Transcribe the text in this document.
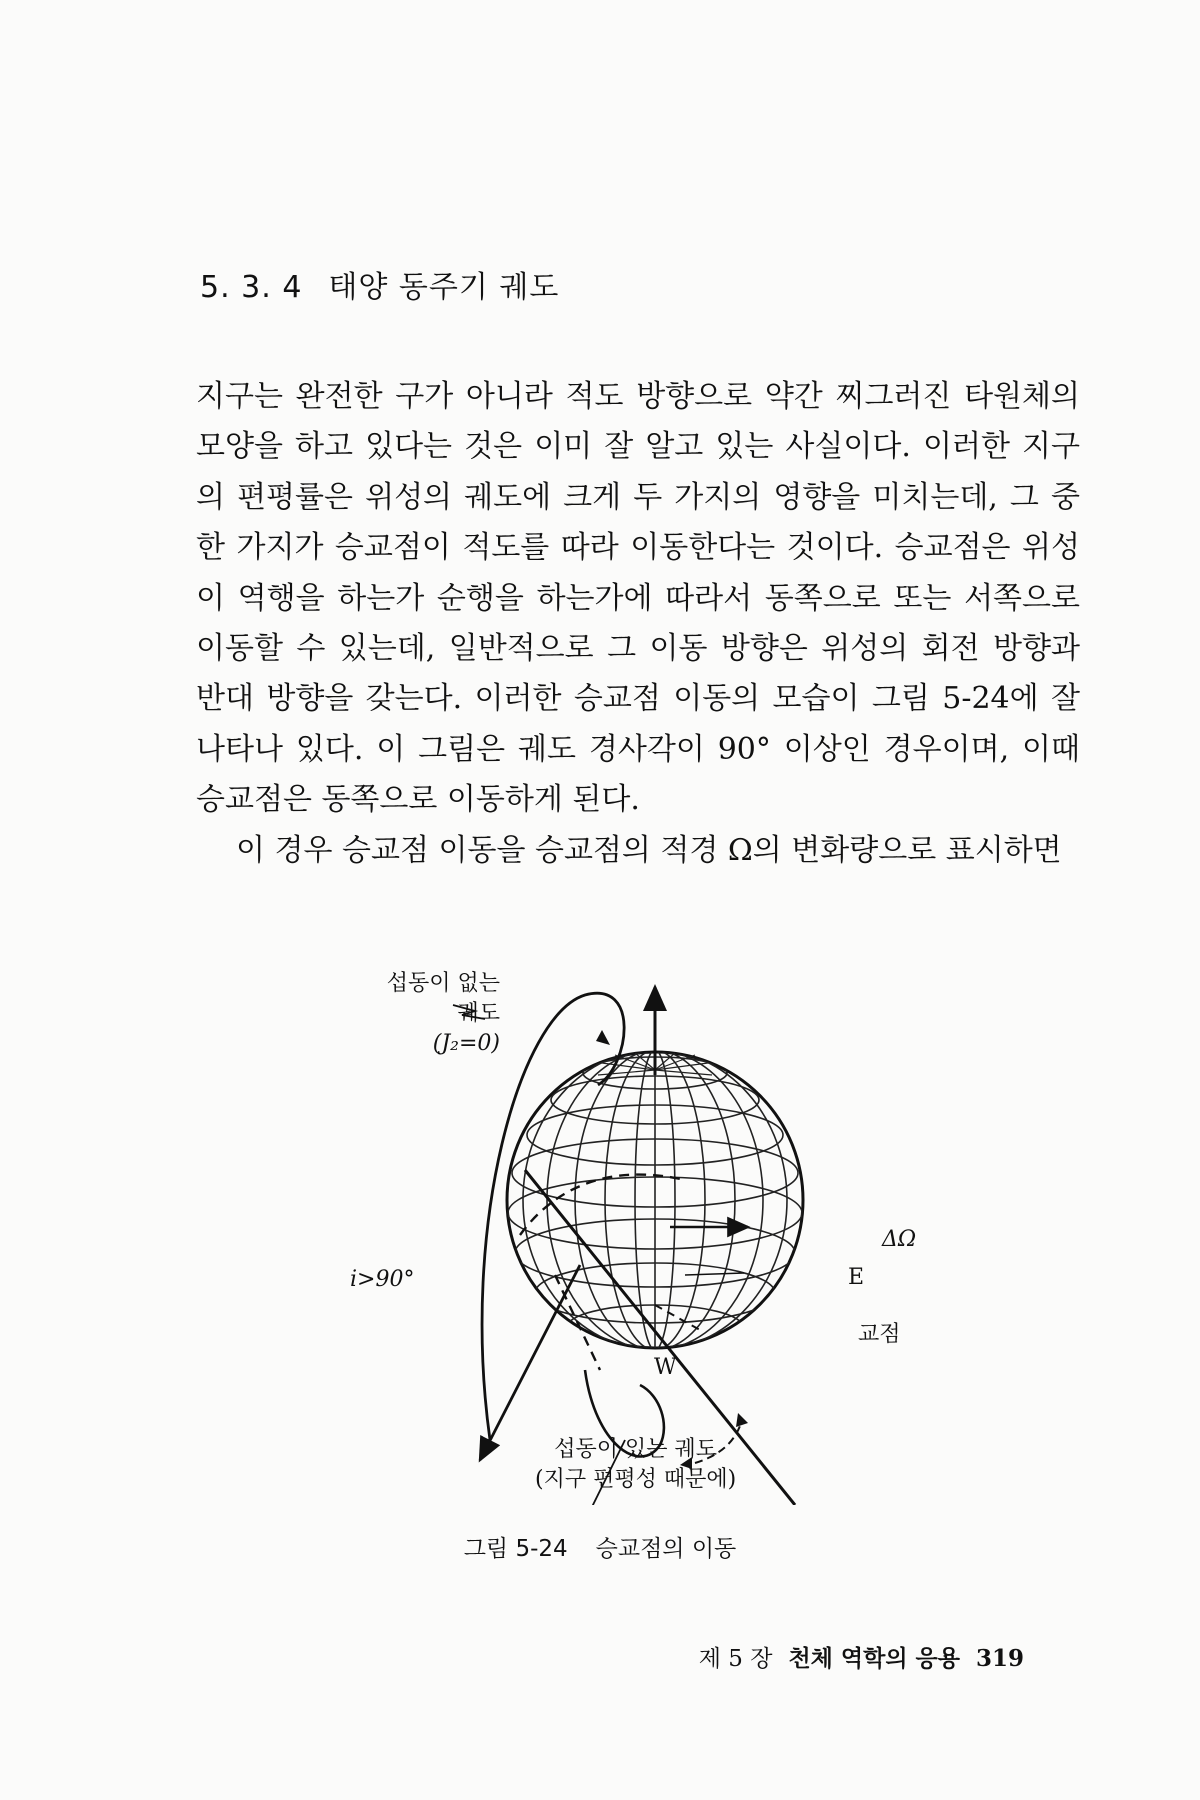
5. 3. 4 태양 동주기 궤도

지구는 완전한 구가 아니라 적도 방향으로 약간 찌그러진 타원체의 모양을 하고 있다는 것은 이미 잘 알고 있는 사실이다. 이러한 지구의 편평률은 위성의 궤도에 크게 두 가지의 영향을 미치는데, 그 중 한 가지가 승교점이 적도를 따라 이동한다는 것이다. 승교점은 위성이 역행을 하는가 순행을 하는가에 따라서 동쪽으로 또는 서쪽으로 이동할 수 있는데, 일반적으로 그 이동 방향은 위성의 회전 방향과 반대 방향을 갖는다. 이러한 승교점 이동의 모습이 그림 5-24에 잘 나타나 있다. 이 그림은 궤도 경사각이 90° 이상인 경우이며, 이때 승교점은 동쪽으로 이동하게 된다.

이 경우 승교점 이동을 승교점의 적경 Ω의 변화량으로 표시하면

섭동이 없는
궤도
(J₂=0)
i>90°
ΔΩ
E
교점
W
섭동이 있는 궤도
(지구 편평성 때문에)
그림 5-24 승교점의 이동
제 5 장 천체 역학의 응용 319
